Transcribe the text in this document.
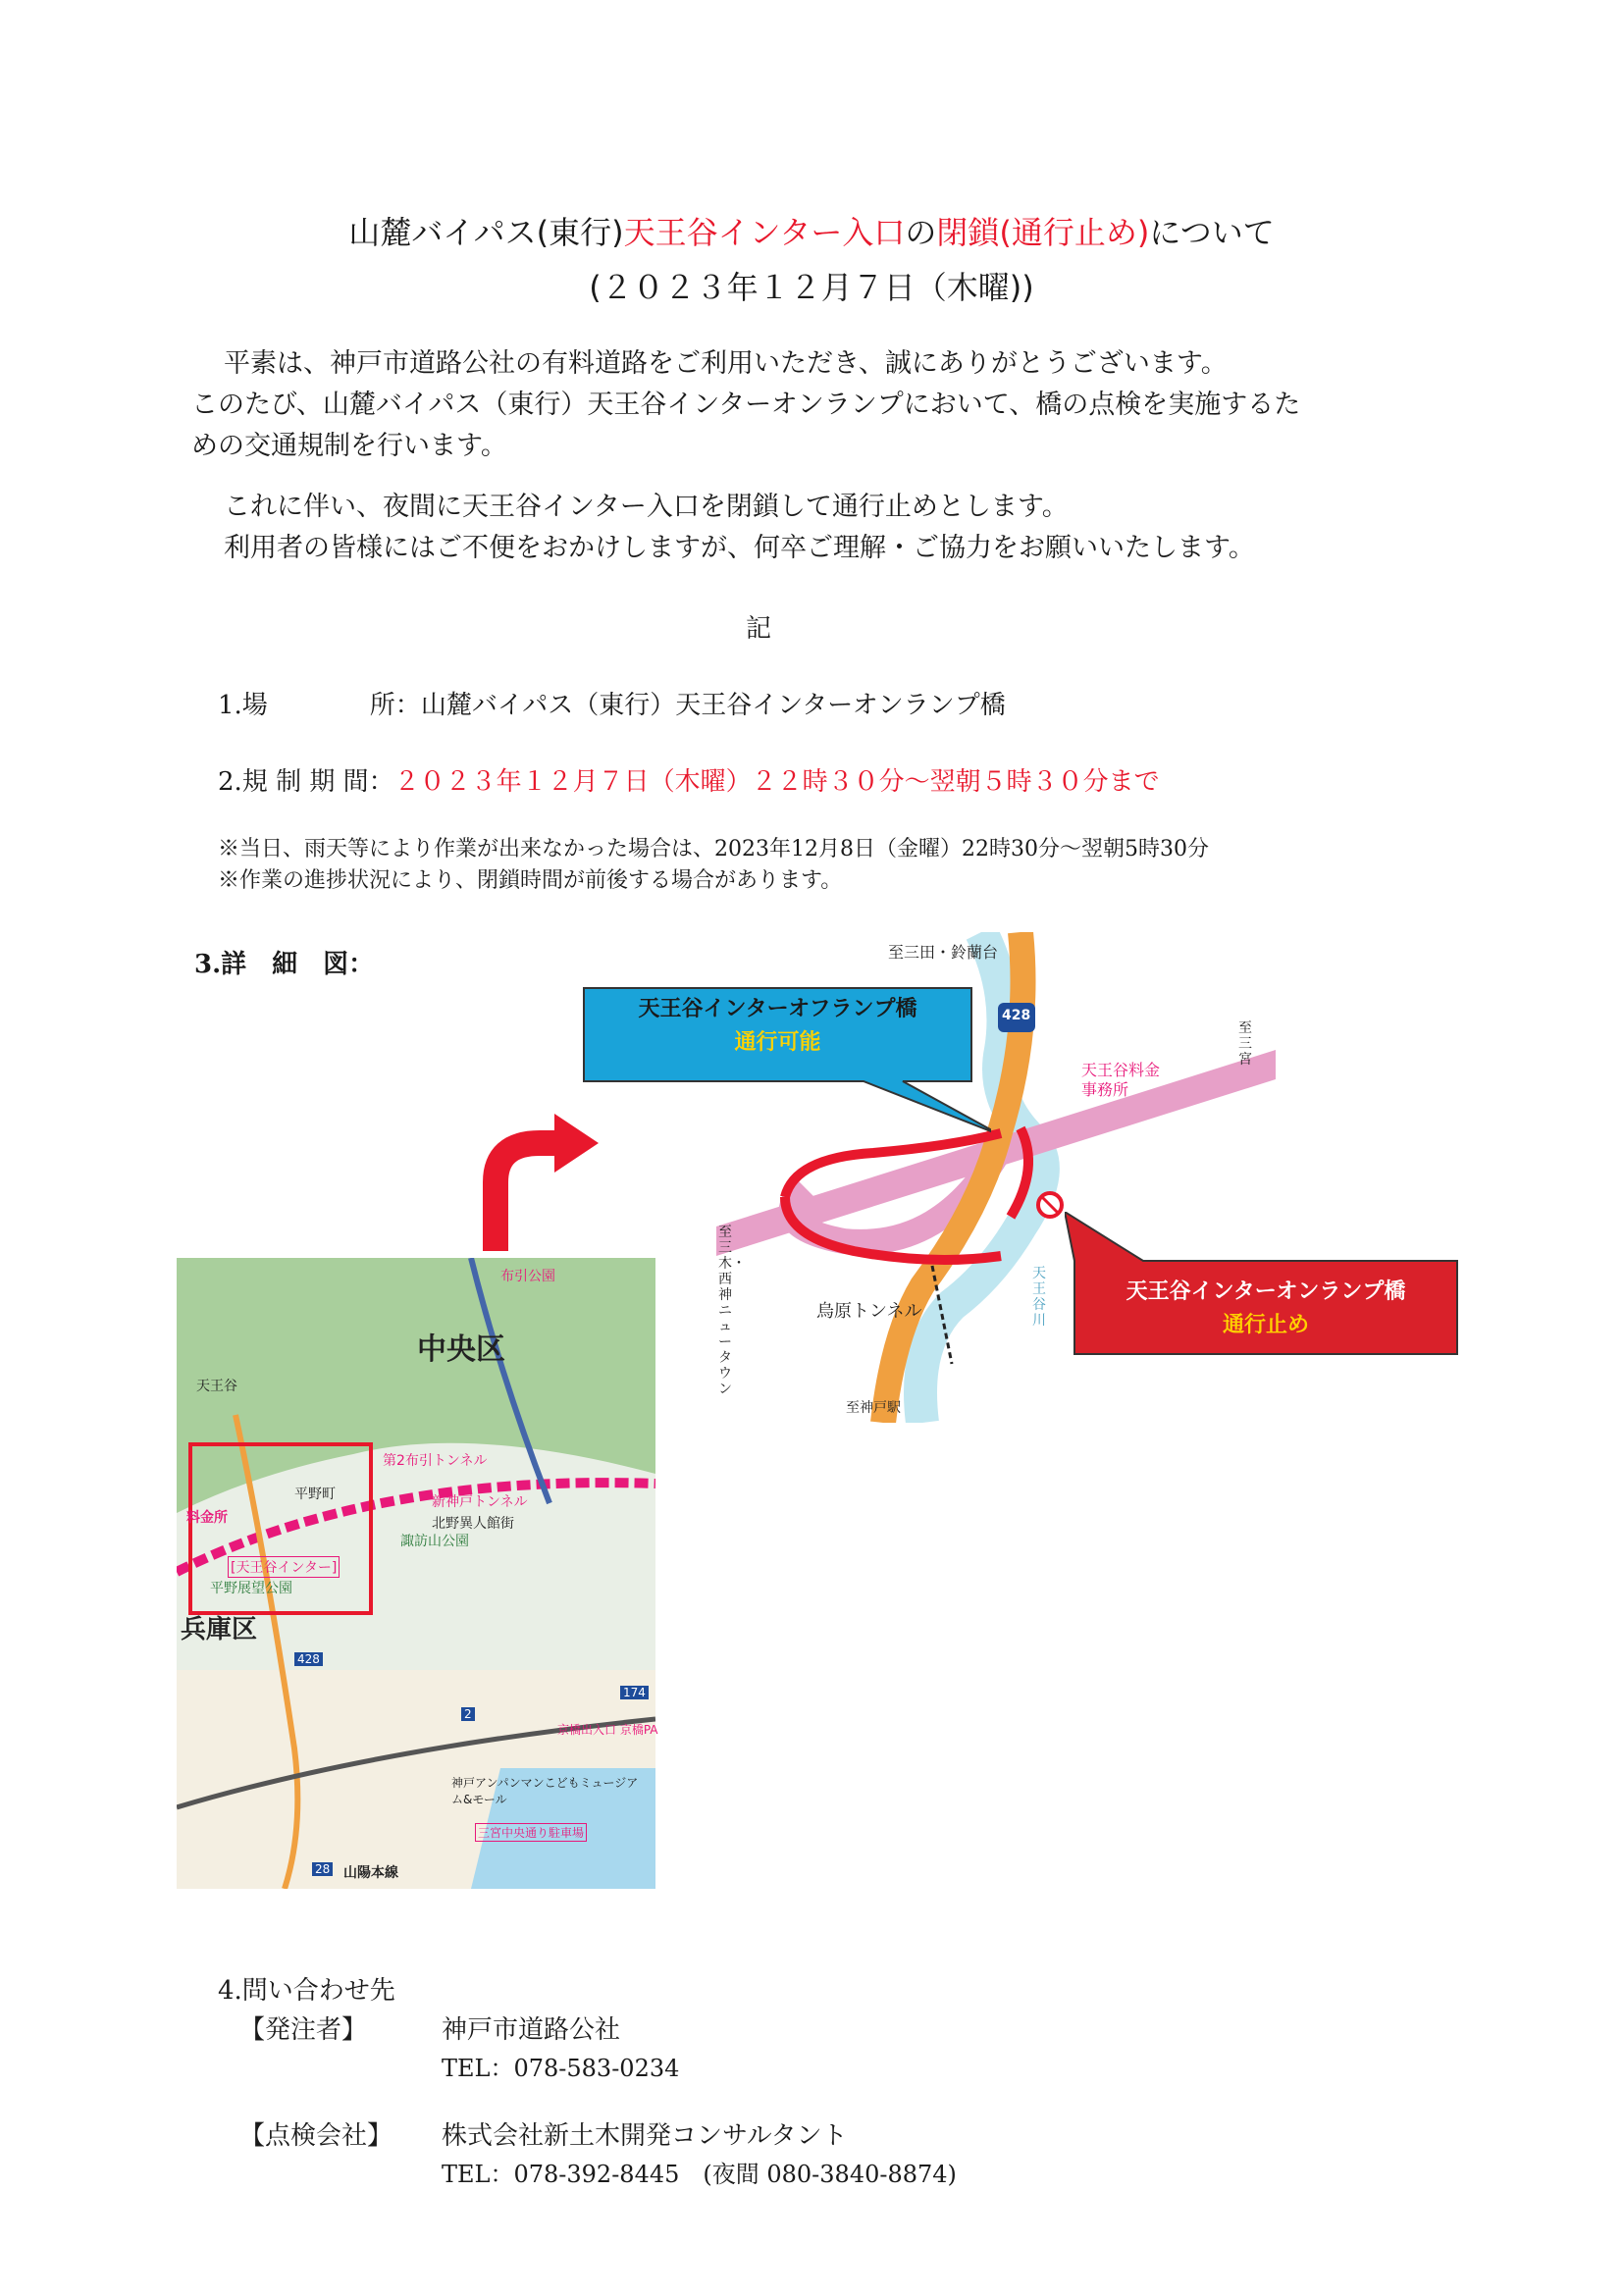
山麓バイパス(東行)天王谷インター入口の閉鎖(通行止め)について
(２０２３年１２月７日（木曜))
平素は、神戸市道路公社の有料道路をご利用いただき、誠にありがとうございます。
このたび、山麓バイパス（東行）天王谷インターオンランプにおいて、橋の点検を実施するた
めの交通規制を行います。
これに伴い、夜間に天王谷インター入口を閉鎖して通行止めとします。
利用者の皆様にはご不便をおかけしますが、何卒ご理解・ご協力をお願いいたします。
記
1.場　　　　所：山麓バイパス（東行）天王谷インターオンランプ橋
2.規 制 期 間：２０２３年１２月７日（木曜）２２時３０分～翌朝５時３０分まで
※当日、雨天等により作業が出来なかった場合は、2023年12月8日（金曜）22時30分～翌朝5時30分
※作業の進捗状況により、閉鎖時間が前後する場合があります。
3.詳　細　図：	至三田・鈴蘭台
428
至三宮
天王谷料金
事務所
至三木・西神ニュータウン
烏原トンネル
至神戸駅
天王谷川
天王谷インターオフランプ橋
通行可能
天王谷インターオンランプ橋
通行止め
中央区
布引公園
天王谷
第2布引トンネル
料金所
平野町	新神戸トンネル
北野異人館街
諏訪山公園
[天王谷インター]
平野展望公園
兵庫区
428
2
174
京橋出入口 京橋PA
神戸アンパンマンこどもミュージアム&モール
三宮中央通り駐車場
28 山陽本線
4.問い合わせ先
【発注者】	神戸市道路公社
TEL：078-583-0234
【点検会社】 株式会社新土木開発コンサルタント
TEL：078-392-8445　(夜間 080-3840-8874)
